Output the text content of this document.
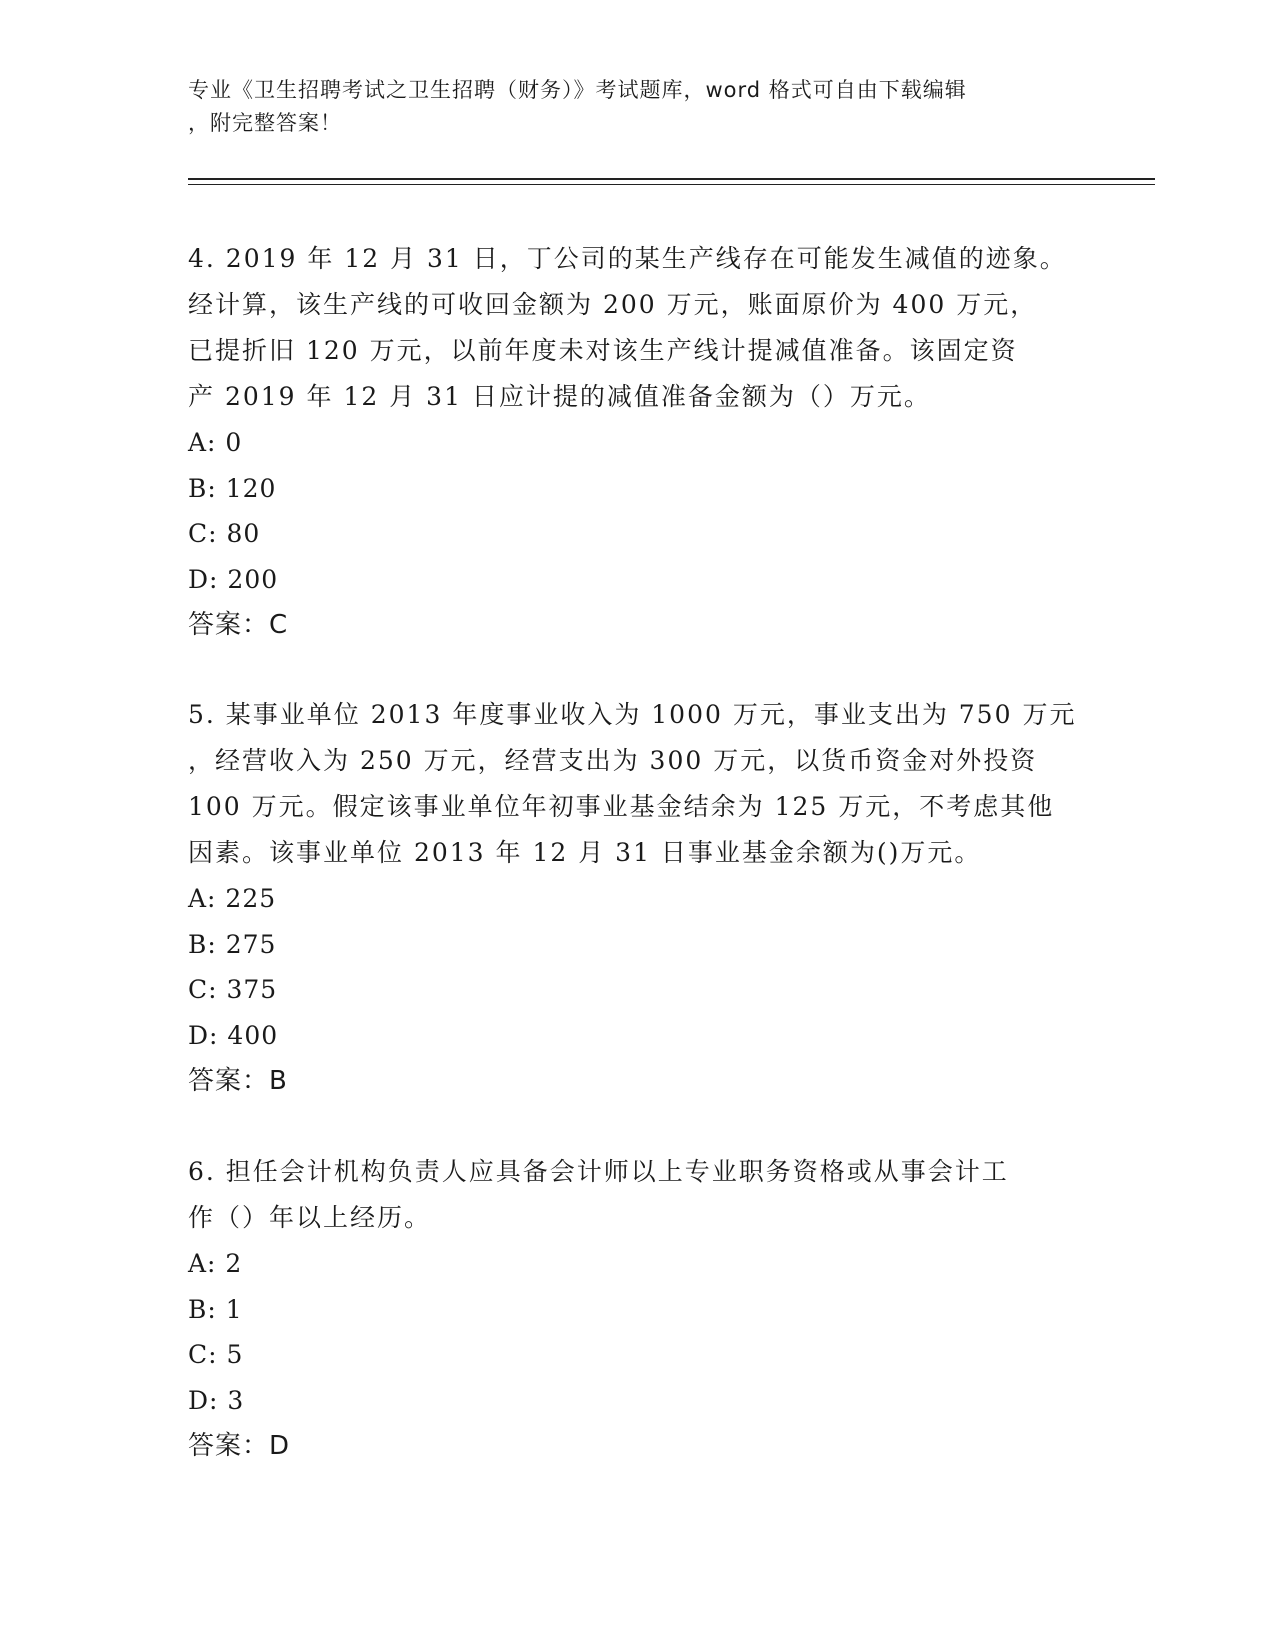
专业《卫生招聘考试之卫生招聘（财务）》考试题库，word 格式可自由下载编辑
，附完整答案！
4. 2019 年 12 月 31 日，丁公司的某生产线存在可能发生减值的迹象。
经计算，该生产线的可收回金额为 200 万元，账面原价为 400 万元，
已提折旧 120 万元，以前年度未对该生产线计提减值准备。该固定资
产 2019 年 12 月 31 日应计提的减值准备金额为（）万元。
A: 0
B: 120
C: 80
D: 200
答案：C
5. 某事业单位 2013 年度事业收入为 1000 万元，事业支出为 750 万元
，经营收入为 250 万元，经营支出为 300 万元，以货币资金对外投资
100 万元。假定该事业单位年初事业基金结余为 125 万元，不考虑其他
因素。该事业单位 2013 年 12 月 31 日事业基金余额为()万元。
A: 225
B: 275
C: 375
D: 400
答案：B
6. 担任会计机构负责人应具备会计师以上专业职务资格或从事会计工
作（）年以上经历。
A: 2
B: 1
C: 5
D: 3
答案：D
